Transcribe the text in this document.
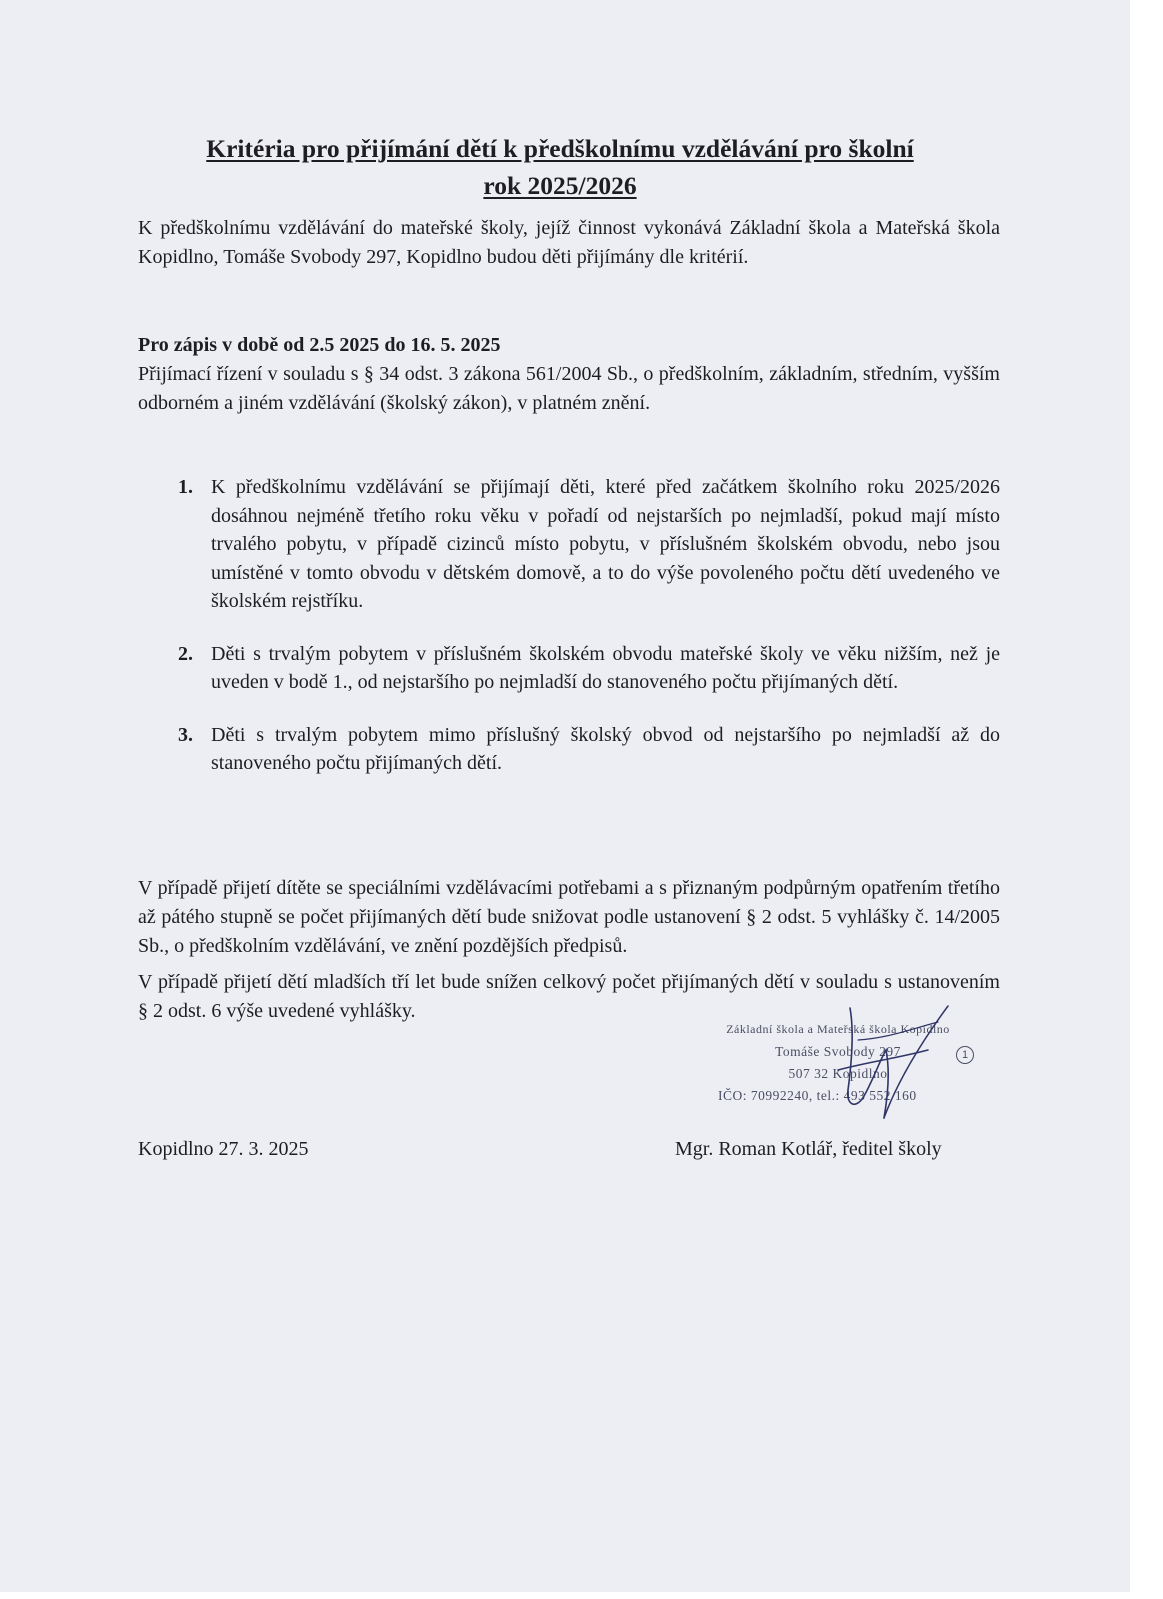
Kritéria pro přijímání dětí k předškolnímu vzdělávání pro školní
rok 2025/2026
K předškolnímu vzdělávání do mateřské školy, jejíž činnost vykonává Základní škola a Mateřská škola Kopidlno, Tomáše Svobody 297, Kopidlno budou děti přijímány dle kritérií.
Pro zápis v době od 2.5 2025 do 16. 5. 2025
Přijímací řízení v souladu s § 34 odst. 3 zákona 561/2004 Sb., o předškolním, základním, středním, vyšším odborném a jiném vzdělávání (školský zákon), v platném znění.
1. K předškolnímu vzdělávání se přijímají děti, které před začátkem školního roku 2025/2026 dosáhnou nejméně třetího roku věku v pořadí od nejstarších po nejmladší, pokud mají místo trvalého pobytu, v případě cizinců místo pobytu, v příslušném školském obvodu, nebo jsou umístěné v tomto obvodu v dětském domově, a to do výše povoleného počtu dětí uvedeného ve školském rejstříku.
2. Děti s trvalým pobytem v příslušném školském obvodu mateřské školy ve věku nižším, než je uveden v bodě 1., od nejstaršího po nejmladší do stanoveného počtu přijímaných dětí.
3. Děti s trvalým pobytem mimo příslušný školský obvod od nejstaršího po nejmladší až do stanoveného počtu přijímaných dětí.
V případě přijetí dítěte se speciálními vzdělávacími potřebami a s přiznaným podpůrným opatřením třetího až pátého stupně se počet přijímaných dětí bude snižovat podle ustanovení § 2 odst. 5 vyhlášky č. 14/2005 Sb., o předškolním vzdělávání, ve znění pozdějších předpisů.
V případě přijetí dětí mladších tří let bude snížen celkový počet přijímaných dětí v souladu s ustanovením § 2 odst. 6 výše uvedené vyhlášky.
Základní škola a Mateřská škola Kopidlno
Tomáše Svobody 297
507 32 Kopidlno
IČO: 70992240, tel.: 493 552 160
1
Kopidlno 27. 3. 2025	Mgr. Roman Kotlář, ředitel školy
